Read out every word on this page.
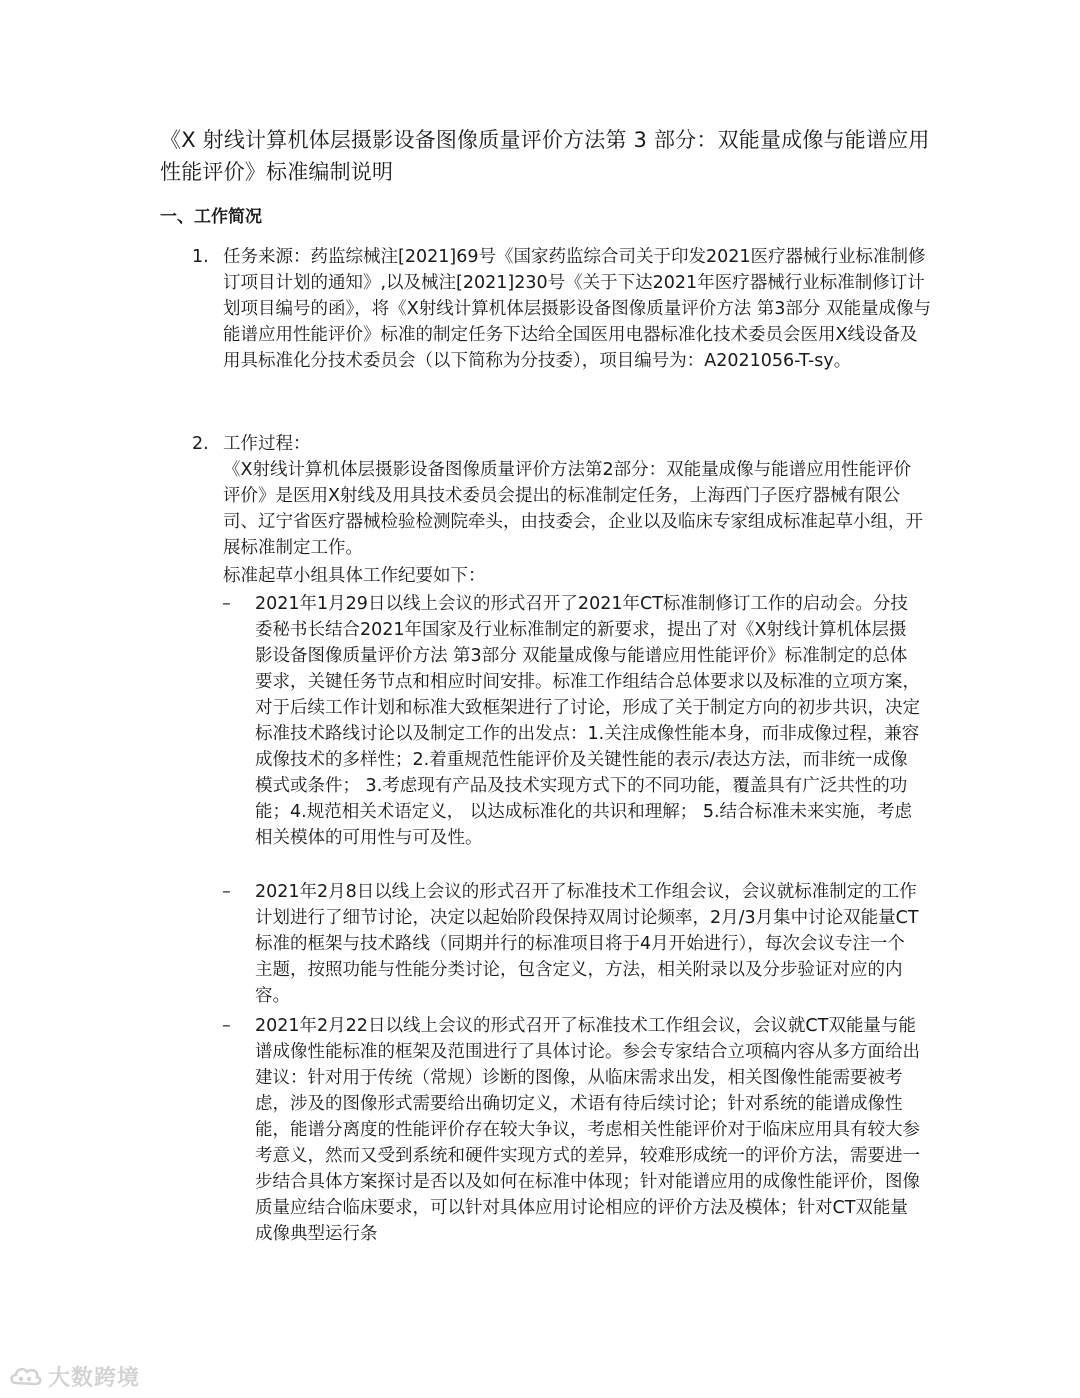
《X 射线计算机体层摄影设备图像质量评价方法第 3 部分：双能量成像与能谱应用性能评价》标准编制说明
一、工作简况
1. 任务来源：药监综械注[2021]69号《国家药监综合司关于印发2021医疗器械行业标准制修订项目计划的通知》,以及械注[2021]230号《关于下达2021年医疗器械行业标准制修订计划项目编号的函》，将《X射线计算机体层摄影设备图像质量评价方法 第3部分 双能量成像与能谱应用性能评价》标准的制定任务下达给全国医用电器标准化技术委员会医用X线设备及用具标准化分技术委员会（以下简称为分技委），项目编号为：A2021056-T-sy。
2. 工作过程：
《X射线计算机体层摄影设备图像质量评价方法第2部分：双能量成像与能谱应用性能评价评价》是医用X射线及用具技术委员会提出的标准制定任务，上海西门子医疗器械有限公司、辽宁省医疗器械检验检测院牵头，由技委会，企业以及临床专家组成标准起草小组，开展标准制定工作。
标准起草小组具体工作纪要如下：
– 2021年1月29日以线上会议的形式召开了2021年CT标准制修订工作的启动会。分技委秘书长结合2021年国家及行业标准制定的新要求，提出了对《X射线计算机体层摄影设备图像质量评价方法 第3部分 双能量成像与能谱应用性能评价》标准制定的总体要求，关键任务节点和相应时间安排。标准工作组结合总体要求以及标准的立项方案，对于后续工作计划和标准大致框架进行了讨论，形成了关于制定方向的初步共识，决定标准技术路线讨论以及制定工作的出发点：1.关注成像性能本身，而非成像过程，兼容成像技术的多样性；2.着重规范性能评价及关键性能的表示/表达方法，而非统一成像模式或条件； 3.考虑现有产品及技术实现方式下的不同功能，覆盖具有广泛共性的功能；4.规范相关术语定义， 以达成标准化的共识和理解； 5.结合标准未来实施，考虑相关模体的可用性与可及性。
– 2021年2月8日以线上会议的形式召开了标准技术工作组会议，会议就标准制定的工作计划进行了细节讨论，决定以起始阶段保持双周讨论频率，2月/3月集中讨论双能量CT标准的框架与技术路线（同期并行的标准项目将于4月开始进行），每次会议专注一个主题，按照功能与性能分类讨论，包含定义，方法，相关附录以及分步验证对应的内容。
– 2021年2月22日以线上会议的形式召开了标准技术工作组会议，会议就CT双能量与能谱成像性能标准的框架及范围进行了具体讨论。参会专家结合立项稿内容从多方面给出建议：针对用于传统（常规）诊断的图像，从临床需求出发，相关图像性能需要被考虑，涉及的图像形式需要给出确切定义，术语有待后续讨论；针对系统的能谱成像性能，能谱分离度的性能评价存在较大争议，考虑相关性能评价对于临床应用具有较大参考意义，然而又受到系统和硬件实现方式的差异，较难形成统一的评价方法，需要进一步结合具体方案探讨是否以及如何在标准中体现；针对能谱应用的成像性能评价，图像质量应结合临床要求，可以针对具体应用讨论相应的评价方法及模体；针对CT双能量成像典型运行条
大数跨境
